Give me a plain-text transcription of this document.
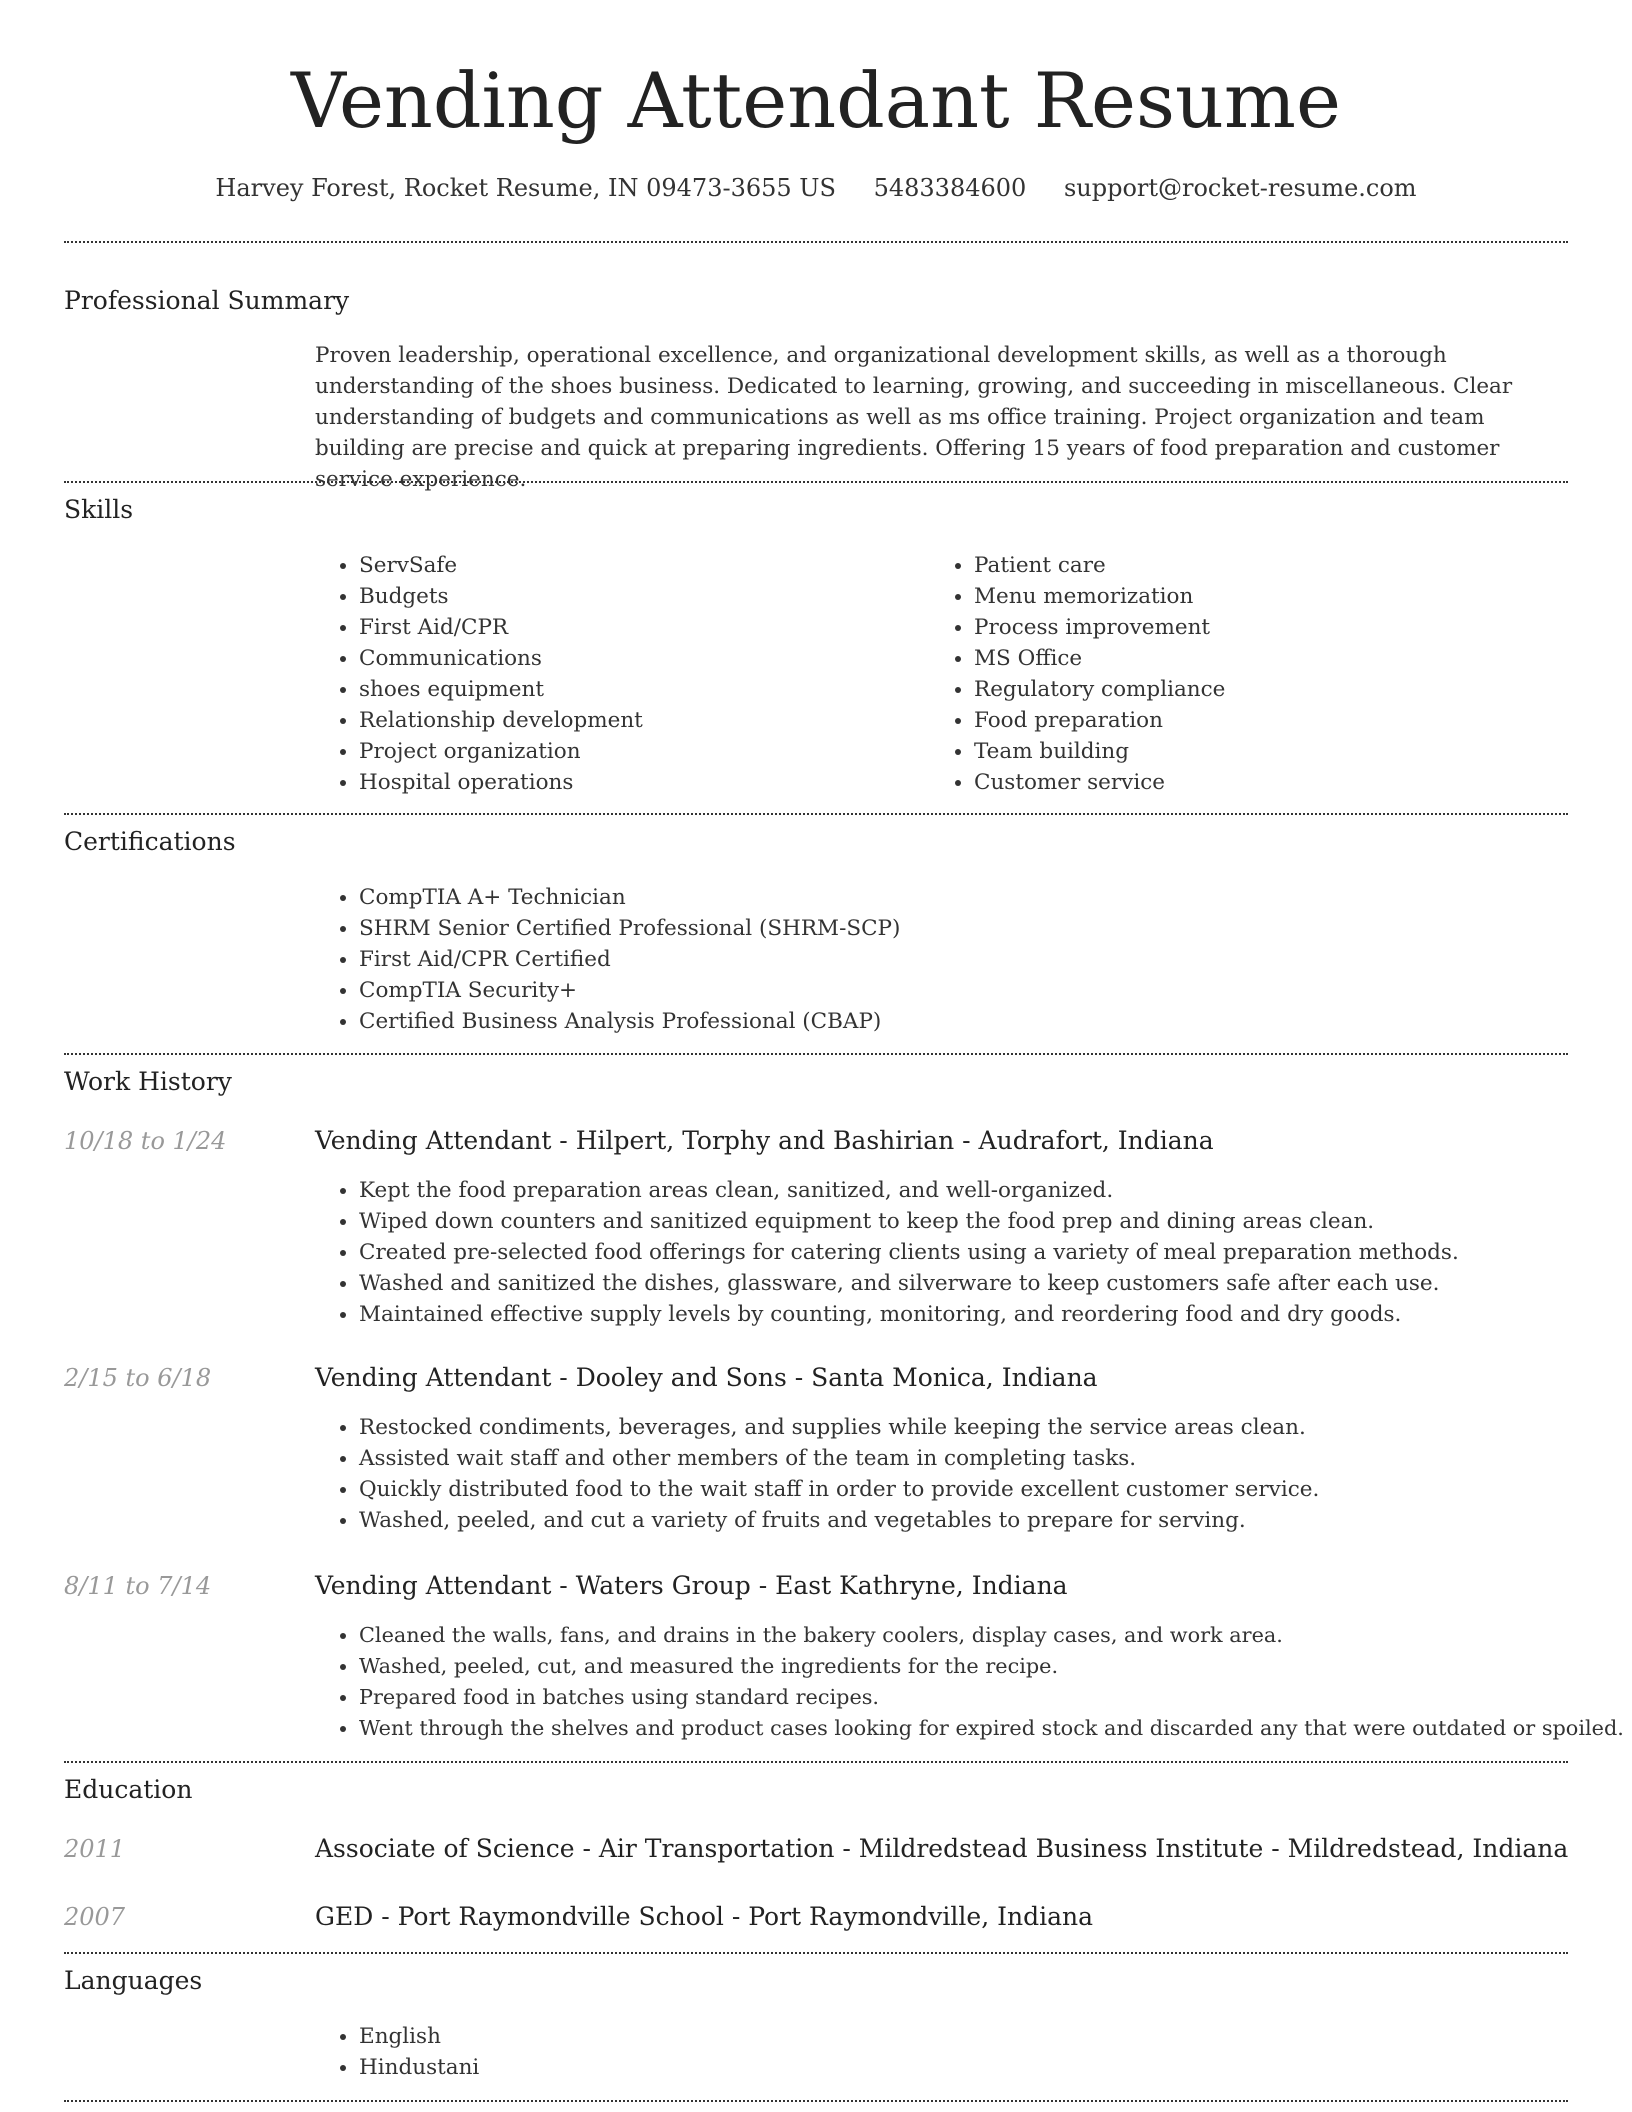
Vending Attendant Resume
Harvey Forest, Rocket Resume, IN 09473-3655 US 5483384600 support@rocket-resume.com
Professional Summary
Proven leadership, operational excellence, and organizational development skills, as well as a thorough understanding of the shoes business. Dedicated to learning, growing, and succeeding in miscellaneous. Clear understanding of budgets and communications as well as ms office training. Project organization and team building are precise and quick at preparing ingredients. Offering 15 years of food preparation and customer service experience.
Skills
• ServSafe
• Budgets
• First Aid/CPR
• Communications
• shoes equipment
• Relationship development
• Project organization
• Hospital operations
• Patient care
• Menu memorization
• Process improvement
• MS Office
• Regulatory compliance
• Food preparation
• Team building
• Customer service
Certifications
• CompTIA A+ Technician
• SHRM Senior Certified Professional (SHRM-SCP)
• First Aid/CPR Certified
• CompTIA Security+
• Certified Business Analysis Professional (CBAP)
Work History
10/18 to 1/24	Vending Attendant - Hilpert, Torphy and Bashirian - Audrafort, Indiana
• Kept the food preparation areas clean, sanitized, and well-organized.
• Wiped down counters and sanitized equipment to keep the food prep and dining areas clean.
• Created pre-selected food offerings for catering clients using a variety of meal preparation methods.
• Washed and sanitized the dishes, glassware, and silverware to keep customers safe after each use.
• Maintained effective supply levels by counting, monitoring, and reordering food and dry goods.
2/15 to 6/18	Vending Attendant - Dooley and Sons - Santa Monica, Indiana
• Restocked condiments, beverages, and supplies while keeping the service areas clean.
• Assisted wait staff and other members of the team in completing tasks.
• Quickly distributed food to the wait staff in order to provide excellent customer service.
• Washed, peeled, and cut a variety of fruits and vegetables to prepare for serving.
8/11 to 7/14	Vending Attendant - Waters Group - East Kathryne, Indiana
• Cleaned the walls, fans, and drains in the bakery coolers, display cases, and work area.
• Washed, peeled, cut, and measured the ingredients for the recipe.
• Prepared food in batches using standard recipes.
• Went through the shelves and product cases looking for expired stock and discarded any that were outdated or spoiled.
Education
2011	Associate of Science - Air Transportation - Mildredstead Business Institute - Mildredstead, Indiana
2007	GED - Port Raymondville School - Port Raymondville, Indiana
Languages
• English
• Hindustani
